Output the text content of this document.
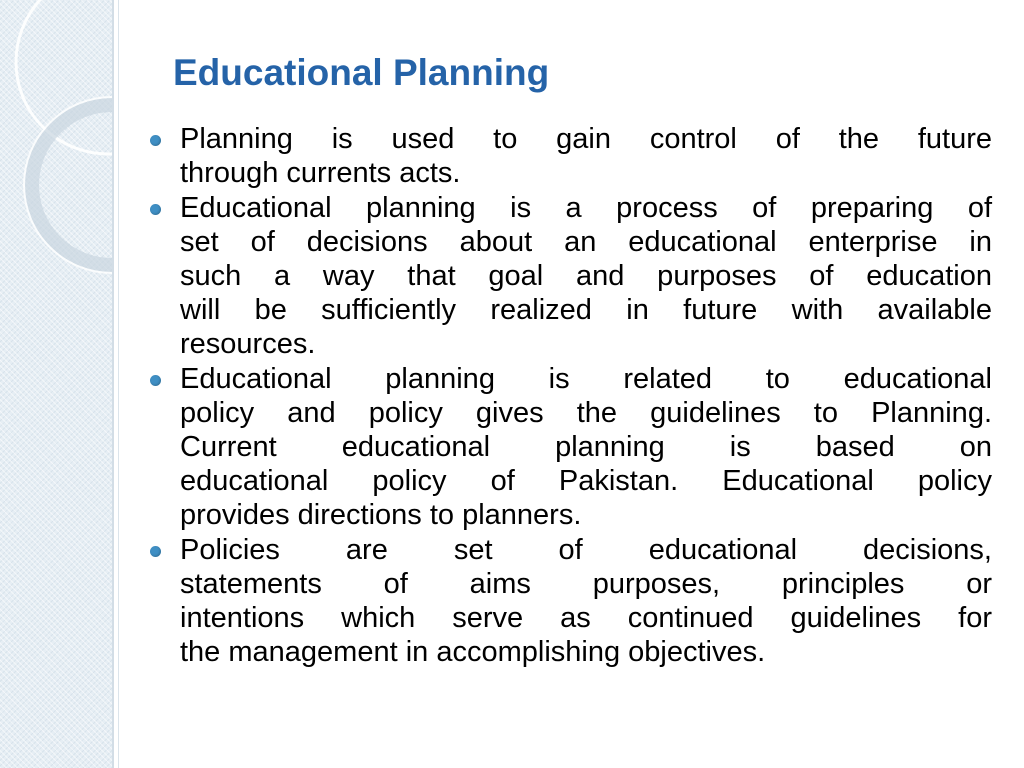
Educational Planning
Planning is used to gain control of the future
through currents acts.
Educational planning is a process of preparing of
set of decisions about an educational enterprise in
such a way that goal and purposes of education
will be sufficiently realized in future with available
resources.
Educational planning is related to educational
policy and policy gives the guidelines to Planning.
Current educational planning is based on
educational policy of Pakistan. Educational policy
provides directions to planners.
Policies are set of educational decisions,
statements of aims purposes, principles or
intentions which serve as continued guidelines for
the management in accomplishing objectives.
